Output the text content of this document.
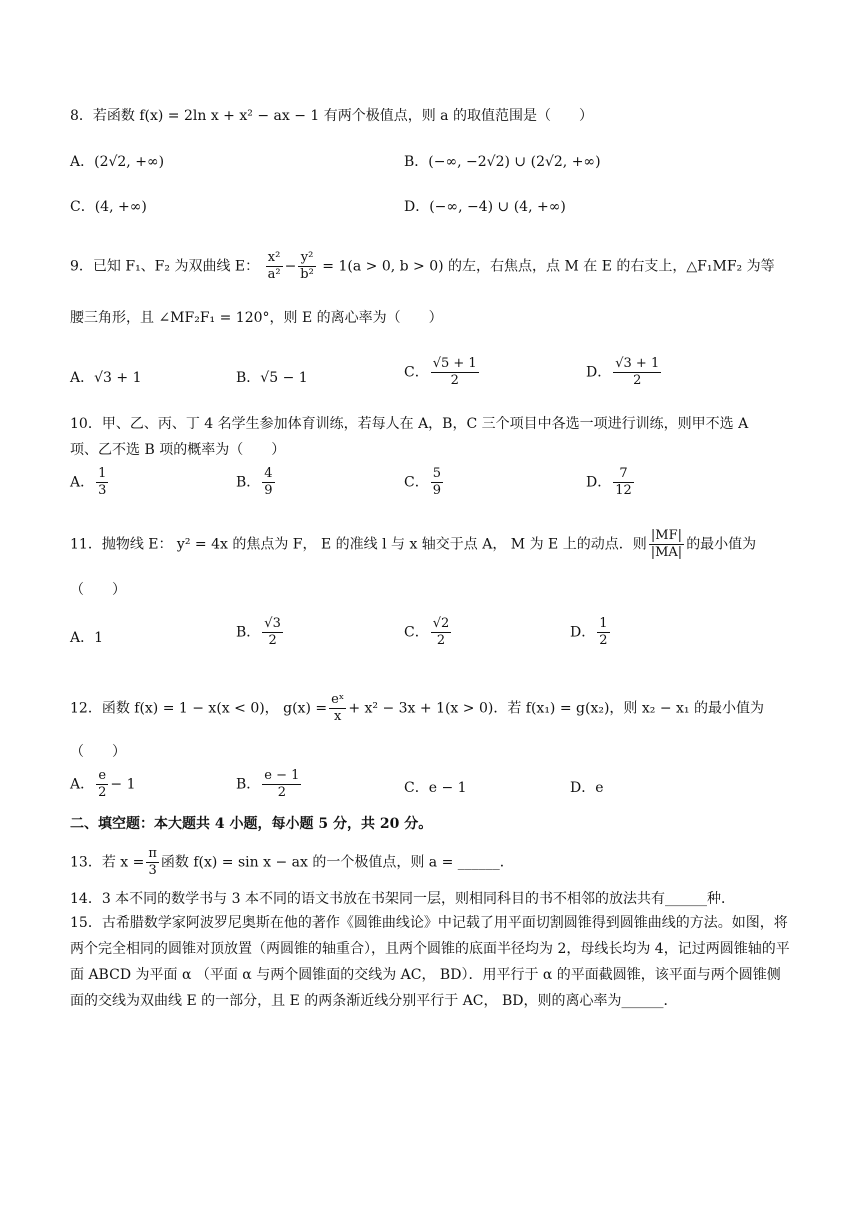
8．若函数 f(x) = 2ln x + x² − ax − 1 有两个极值点，则 a 的取值范围是（　　）
A．(2√2, +∞)	B．(−∞, −2√2) ∪ (2√2, +∞)
C．(4, +∞)	D．(−∞, −4) ∪ (4, +∞)
9．已知 F₁、F₂ 为双曲线 E： $\frac{\text{x²}}{\text{a²}} - \frac{\text{y²}}{\text{b²}} = 1(a > 0$, b > 0) 的左，右焦点，点 M 在 E 的右支上，△F₁MF₂ 为等
腰三角形，且 ∠MF₂F₁ = 120°，则 E 的离心率为（　　）
A．√3 + 1	B．√5 − 1	C． $\frac{√5 + 1}{2}$	D． $\frac{√3 + 1}{2}$
10．甲、乙、丙、丁 4 名学生参加体育训练，若每人在 A，B，C 三个项目中各选一项进行训练，则甲不选 A
项、乙不选 B 项的概率为（　　）
A． $\frac{1}{3}$	B． $\frac{4}{9}$	C． $\frac{5}{9}$	D． $\frac{7}{12}$
11．抛物线 E： y² = 4x 的焦点为 F， E 的准线 l 与 x 轴交于点 A， M 为 E 上的动点．则 $\frac{|MF|}{|MA|}$ 的最小值为
（　　）
A．1	B． $\frac{√3}{2}$	C． $\frac{√2}{2}$	D． $\frac{1}{2}$
12．函数 f(x) = 1 − x(x < 0)， $g(x) = \frac{\text{eˣ}}{x} + x^2 - 3x + 1(x > 0)$．若 f(x₁) = g(x₂)，则 x₂ − x₁ 的最小值为
（　　）
A． $\frac{e}{2} - 1$	B． $\frac{e - 1}{2}$	C．e − 1	D．e
二、填空题：本大题共 4 小题，每小题 5 分，共 20 分。
13．若 $x = \frac{\pi}{3}$ 函数 f(x) = sin x − ax 的一个极值点，则 a = ______．
14．3 本不同的数学书与 3 本不同的语文书放在书架同一层，则相同科目的书不相邻的放法共有______种．
15．古希腊数学家阿波罗尼奥斯在他的著作《圆锥曲线论》中记载了用平面切割圆锥得到圆锥曲线的方法。如图，将两个完全相同的圆锥对顶放置（两圆锥的轴重合），且两个圆锥的底面半径均为 2，母线长均为 4，记过两圆锥轴的平面 ABCD 为平面 α （平面 α 与两个圆锥面的交线为 AC， BD）．用平行于 α 的平面截圆锥，该平面与两个圆锥侧面的交线为双曲线 E 的一部分，且 E 的两条渐近线分别平行于 AC， BD，则的离心率为______．
